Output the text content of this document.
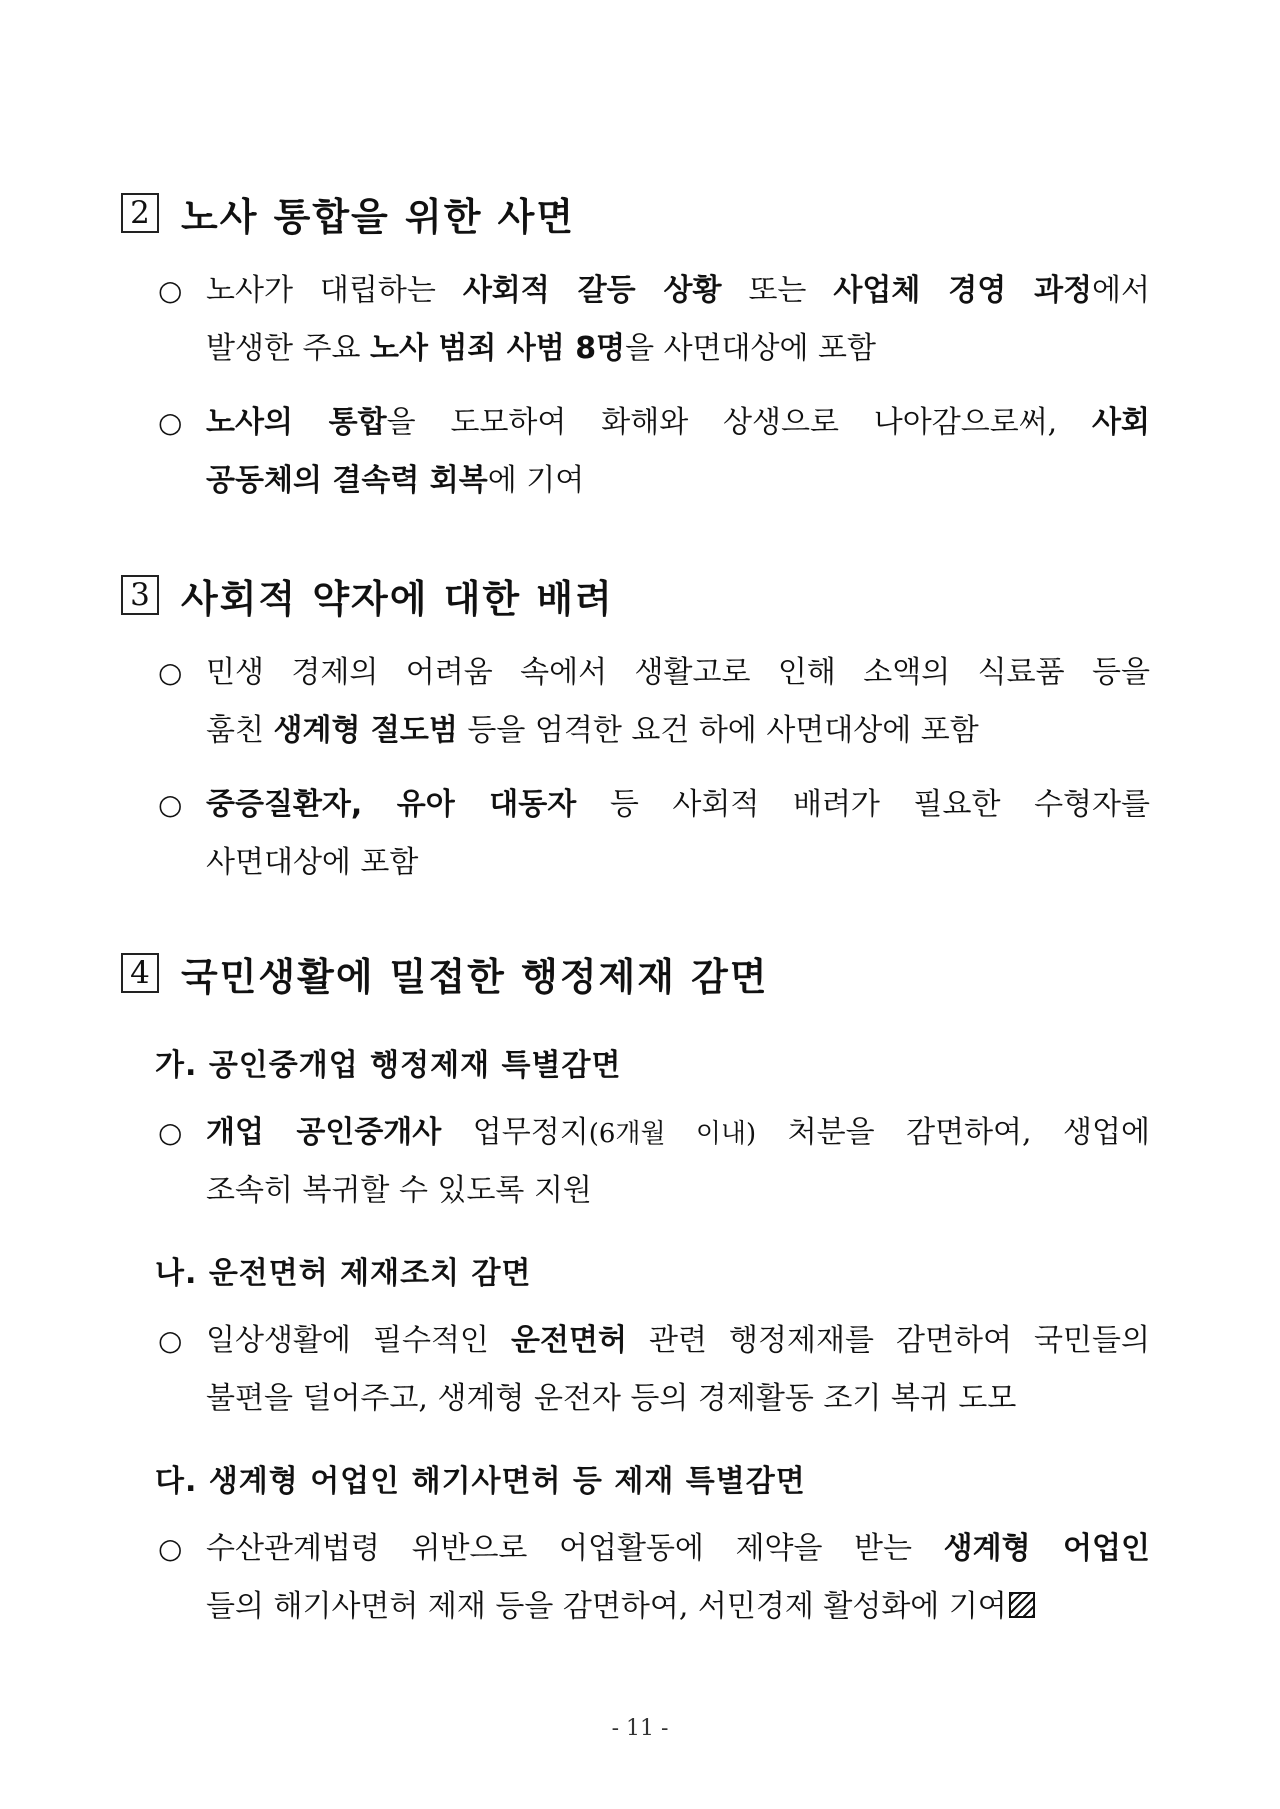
2 노사 통합을 위한 사면
○ 노사가 대립하는 사회적 갈등 상황 또는 사업체 경영 과정에서
발생한 주요 노사 범죄 사범 8명을 사면대상에 포함
○ 노사의 통합을 도모하여 화해와 상생으로 나아감으로써, 사회
공동체의 결속력 회복에 기여
3 사회적 약자에 대한 배려
○ 민생 경제의 어려움 속에서 생활고로 인해 소액의 식료품 등을
훔친 생계형 절도범 등을 엄격한 요건 하에 사면대상에 포함
○ 중증질환자, 유아 대동자 등 사회적 배려가 필요한 수형자를
사면대상에 포함
4 국민생활에 밀접한 행정제재 감면
가. 공인중개업 행정제재 특별감면
○ 개업 공인중개사 업무정지(6개월 이내) 처분을 감면하여, 생업에
조속히 복귀할 수 있도록 지원
나. 운전면허 제재조치 감면
○ 일상생활에 필수적인 운전면허 관련 행정제재를 감면하여 국민들의
불편을 덜어주고, 생계형 운전자 등의 경제활동 조기 복귀 도모
다. 생계형 어업인 해기사면허 등 제재 특별감면
○ 수산관계법령 위반으로 어업활동에 제약을 받는 생계형 어업인
들의 해기사면허 제재 등을 감면하여, 서민경제 활성화에 기여
- 11 -
